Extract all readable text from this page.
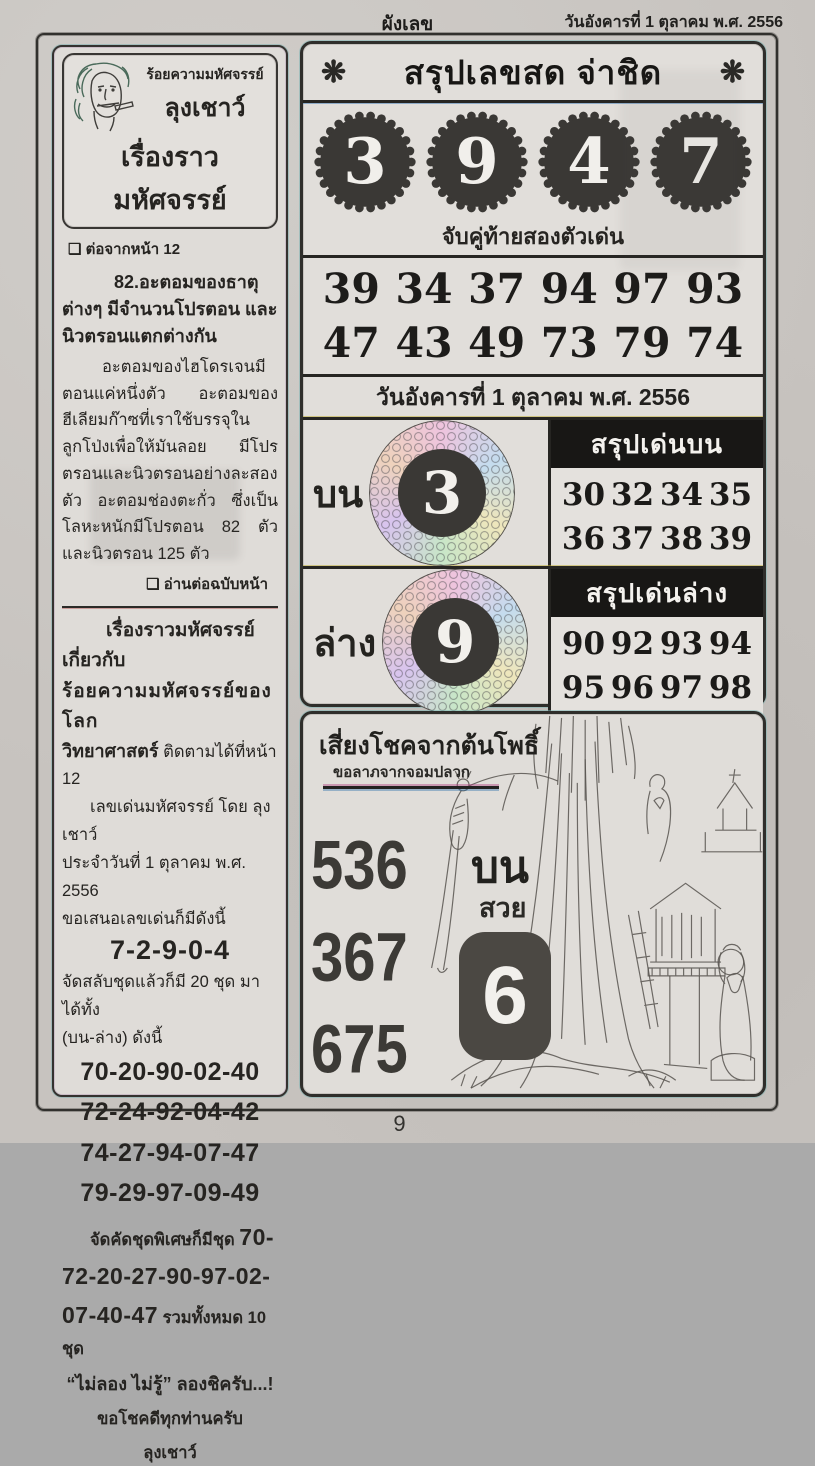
ผังเลข	วันอังคารที่ 1 ตุลาคม พ.ศ. 2556
ร้อยความมหัศจรรย์
ลุงเชาว์
เรื่องราวมหัศจรรย์
❑ ต่อจากหน้า 12
82.อะตอมของธาตุต่างๆ มีจำนวนโปรตอน และนิวตรอนแตกต่างกัน
อะตอมของไฮโดรเจนมีตอนแค่หนึ่งตัว อะตอมของฮีเลียมก๊าซที่เราใช้บรรจุในลูกโป่งเพื่อให้มันลอย มีโปรตรอนและนิวตรอนอย่างละสองตัว อะตอมช่องตะกั่ว ซึ่งเป็นโลหะหนักมีโปรตอน 82 ตัวและนิวตรอน 125 ตัว
❑ อ่านต่อฉบับหน้า
เรื่องราวมหัศจรรย์เกี่ยวกับ
ร้อยความมหัศจรรย์ของโลก
วิทยาศาสตร์ ติดตามได้ที่หน้า 12
เลขเด่นมหัศจรรย์ โดย ลุงเชาว์
ประจำวันที่ 1 ตุลาคม พ.ศ. 2556
ขอเสนอเลขเด่นก็มีดังนี้
7-2-9-0-4
จัดสลับชุดแล้วก็มี 20 ชุด มาได้ทั้ง
(บน-ล่าง) ดังนี้
70-20-90-02-40
72-24-92-04-42
74-27-94-07-47
79-29-97-09-49
จัดคัดชุดพิเศษก็มีชุด 70-72-20-27-90-97-02-07-40-47 รวมทั้งหมด 10 ชุด
“ไม่ลอง ไม่รู้” ลองชิครับ...!
ขอโชคดีทุกท่านครับ
ลุงเชาว์
❋ สรุปเลขสด จ่าชิด ❋
3 9 4 7
จับคู่ท้ายสองตัวเด่น
39 34 37 94 97 93
47 43 49 73 79 74
วันอังคารที่ 1 ตุลาคม พ.ศ. 2556
บน	3
สรุปเด่นบน
30 32 34 35
36 37 38 39
ล่าง	9
สรุปเด่นล่าง
90 92 93 94
95 96 97 98
เสี่ยงโชคจากต้นโพธิ์
ขอลาภจากจอมปลวก
536
367
675
บน
สวย
6
9
